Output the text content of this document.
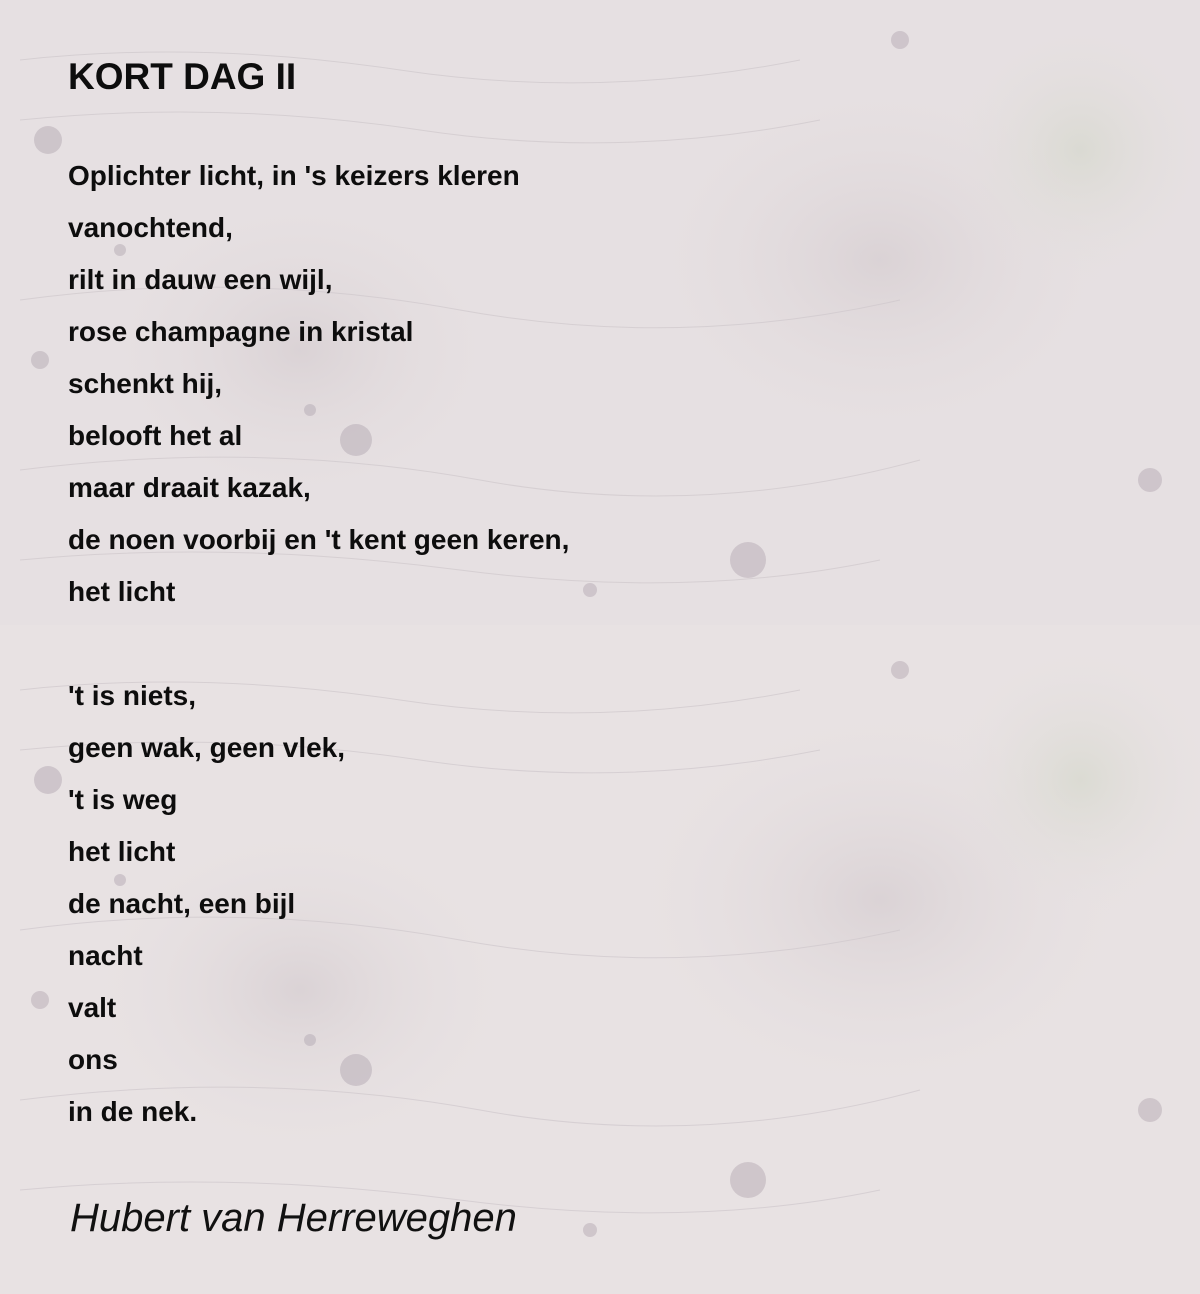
KORT DAG II
Oplichter licht, in 's keizers kleren
vanochtend,
rilt in dauw een wijl,
rose champagne in kristal
schenkt hij,
belooft het al
maar draait kazak,
de noen voorbij en 't kent geen keren,
het licht
't is niets,
geen wak, geen vlek,
't is weg
het licht
de nacht, een bijl
nacht
valt
ons
in de nek.

Hubert van Herreweghen
